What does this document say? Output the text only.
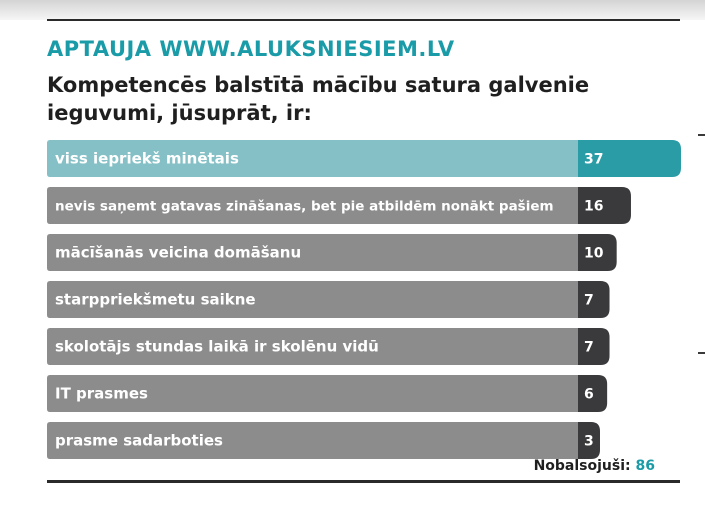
APTAUJA WWW.ALUKSNIESIEM.LV
Kompetencēs balstītā mācību satura galvenie ieguvumi, jūsuprāt, ir:
viss iepriekš minētais	37
nevis saņemt gatavas zināšanas, bet pie atbildēm nonākt pašiem 16
mācīšanās veicina domāšanu	10
starppriekšmetu saikne	7
skolotājs stundas laikā ir skolēnu vidū	7
IT prasmes	6
prasme sadarboties	3
Nobalsojuši: 86
